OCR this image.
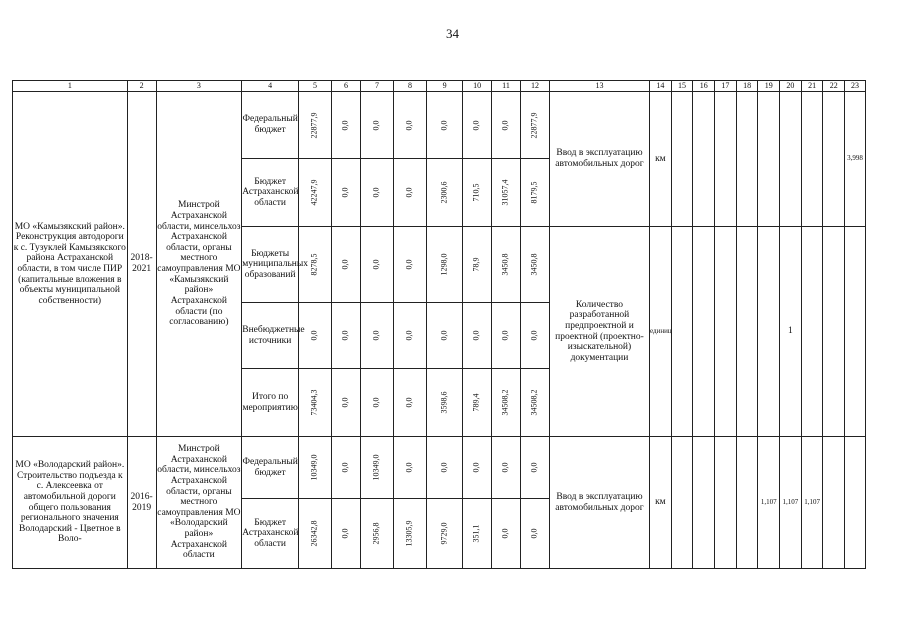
34
1	2	3	4	5	6	7	8	9	10	11	12	13	14	15	16	17	18	19	20	21	22	23
МО «Камызякский район». Реконструкция автодороги к с. Тузуклей Камызякского района Астраханской области, в том числе ПИР (капитальные вложения в объекты муниципальной собственности)	2018-2021	Минстрой Астраханской области, минсельхоз Астраханской области, органы местного самоуправления МО «Камызякский район» Астраханской области (по согласованию)	Федеральный бюджет	22877,9	0,0	0,0	0,0	0,0	0,0	0,0	22877,9	Ввод в эксплуатацию автомобильных дорог	км									3,998
			Бюджет Астраханской области	42247,9	0,0	0,0	0,0	2300,6	710,5	31057,4	8179,5											
			Бюджеты муниципальных образований	8278,5	0,0	0,0	0,0	1298,0	78,9	3450,8	3450,8	Количество разработанной предпроектной и проектной (проектно-изыскательной) документации	единиц						1			
			Внебюджетные источники	0,0	0,0	0,0	0,0	0,0	0,0	0,0	0,0											
			Итого по мероприятию	73404,3	0,0	0,0	0,0	3598,6	789,4	34508,2	34508,2											
МО «Володарский район». Строительство подъезда к с. Алексеевка от автомобильной дороги общего пользования регионального значения Володарский - Цветное в Воло-	2016-2019	Минстрой Астраханской области, минсельхоз Астраханской области, органы местного самоуправления МО «Володарский район» Астраханской области	Федеральный бюджет	10349,0	0,0	10349,0	0,0	0,0	0,0	0,0	0,0	Ввод в эксплуатацию автомобильных дорог	км					1,107	1,107	1,107		
			Бюджет Астраханской области	26342,8	0,0	2956,8	13305,9	9729,0	351,1	0,0	0,0											
